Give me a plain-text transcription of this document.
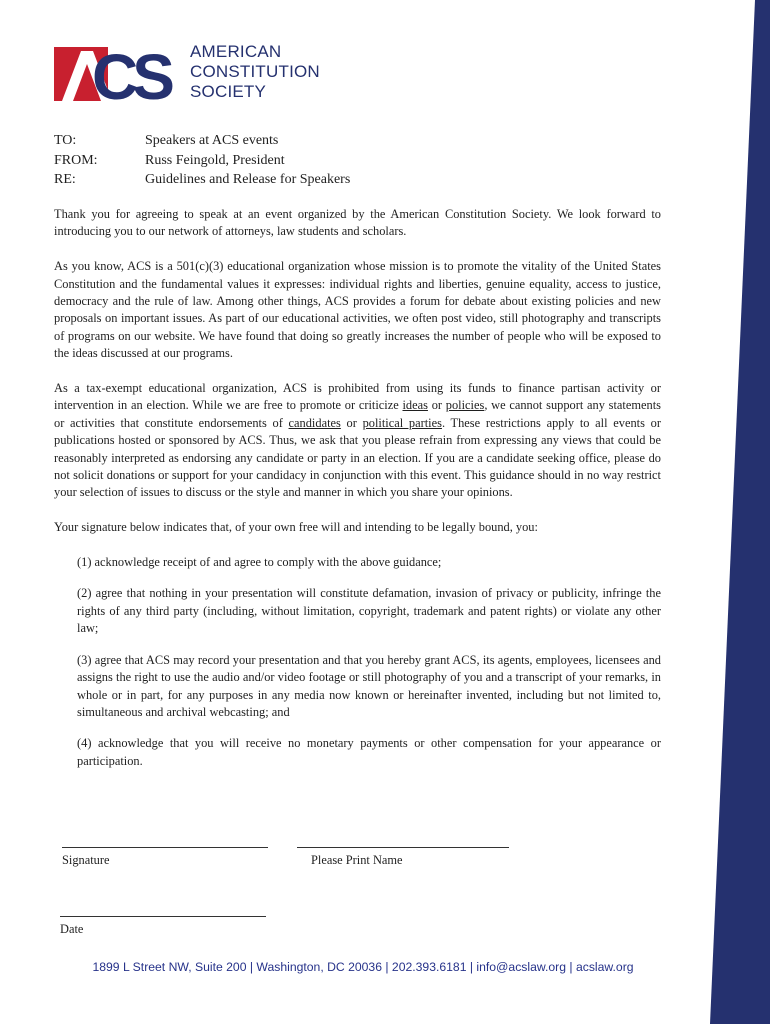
CS AMERICAN
CONSTITUTION
SOCIETY
TO:	Speakers at ACS events
FROM:	Russ Feingold, President
RE:	Guidelines and Release for Speakers

Thank you for agreeing to speak at an event organized by the American Constitution Society. We look forward to introducing you to our network of attorneys, law students and scholars.

As you know, ACS is a 501(c)(3) educational organization whose mission is to promote the vitality of the United States Constitution and the fundamental values it expresses: individual rights and liberties, genuine equality, access to justice, democracy and the rule of law. Among other things, ACS provides a forum for debate about existing policies and new proposals on important issues. As part of our educational activities, we often post video, still photography and transcripts of programs on our website. We have found that doing so greatly increases the number of people who will be exposed to the ideas discussed at our programs.

As a tax-exempt educational organization, ACS is prohibited from using its funds to finance partisan activity or intervention in an election. While we are free to promote or criticize ideas or policies, we cannot support any statements or activities that constitute endorsements of candidates or political parties. These restrictions apply to all events or publications hosted or sponsored by ACS. Thus, we ask that you please refrain from expressing any views that could be reasonably interpreted as endorsing any candidate or party in an election. If you are a candidate seeking office, please do not solicit donations or support for your candidacy in conjunction with this event. This guidance should in no way restrict your selection of issues to discuss or the style and manner in which you share your opinions.

Your signature below indicates that, of your own free will and intending to be legally bound, you:

(1) acknowledge receipt of and agree to comply with the above guidance;

(2) agree that nothing in your presentation will constitute defamation, invasion of privacy or publicity, infringe the rights of any third party (including, without limitation, copyright, trademark and patent rights) or violate any other law;

(3) agree that ACS may record your presentation and that you hereby grant ACS, its agents, employees, licensees and assigns the right to use the audio and/or video footage or still photography of you and a transcript of your remarks, in whole or in part, for any purposes in any media now known or hereinafter invented, including but not limited to, simultaneous and archival webcasting; and

(4) acknowledge that you will receive no monetary payments or other compensation for your appearance or participation.

Signature	Please Print Name
Date
1899 L Street NW, Suite 200 | Washington, DC 20036 | 202.393.6181 | info@acslaw.org | acslaw.org
